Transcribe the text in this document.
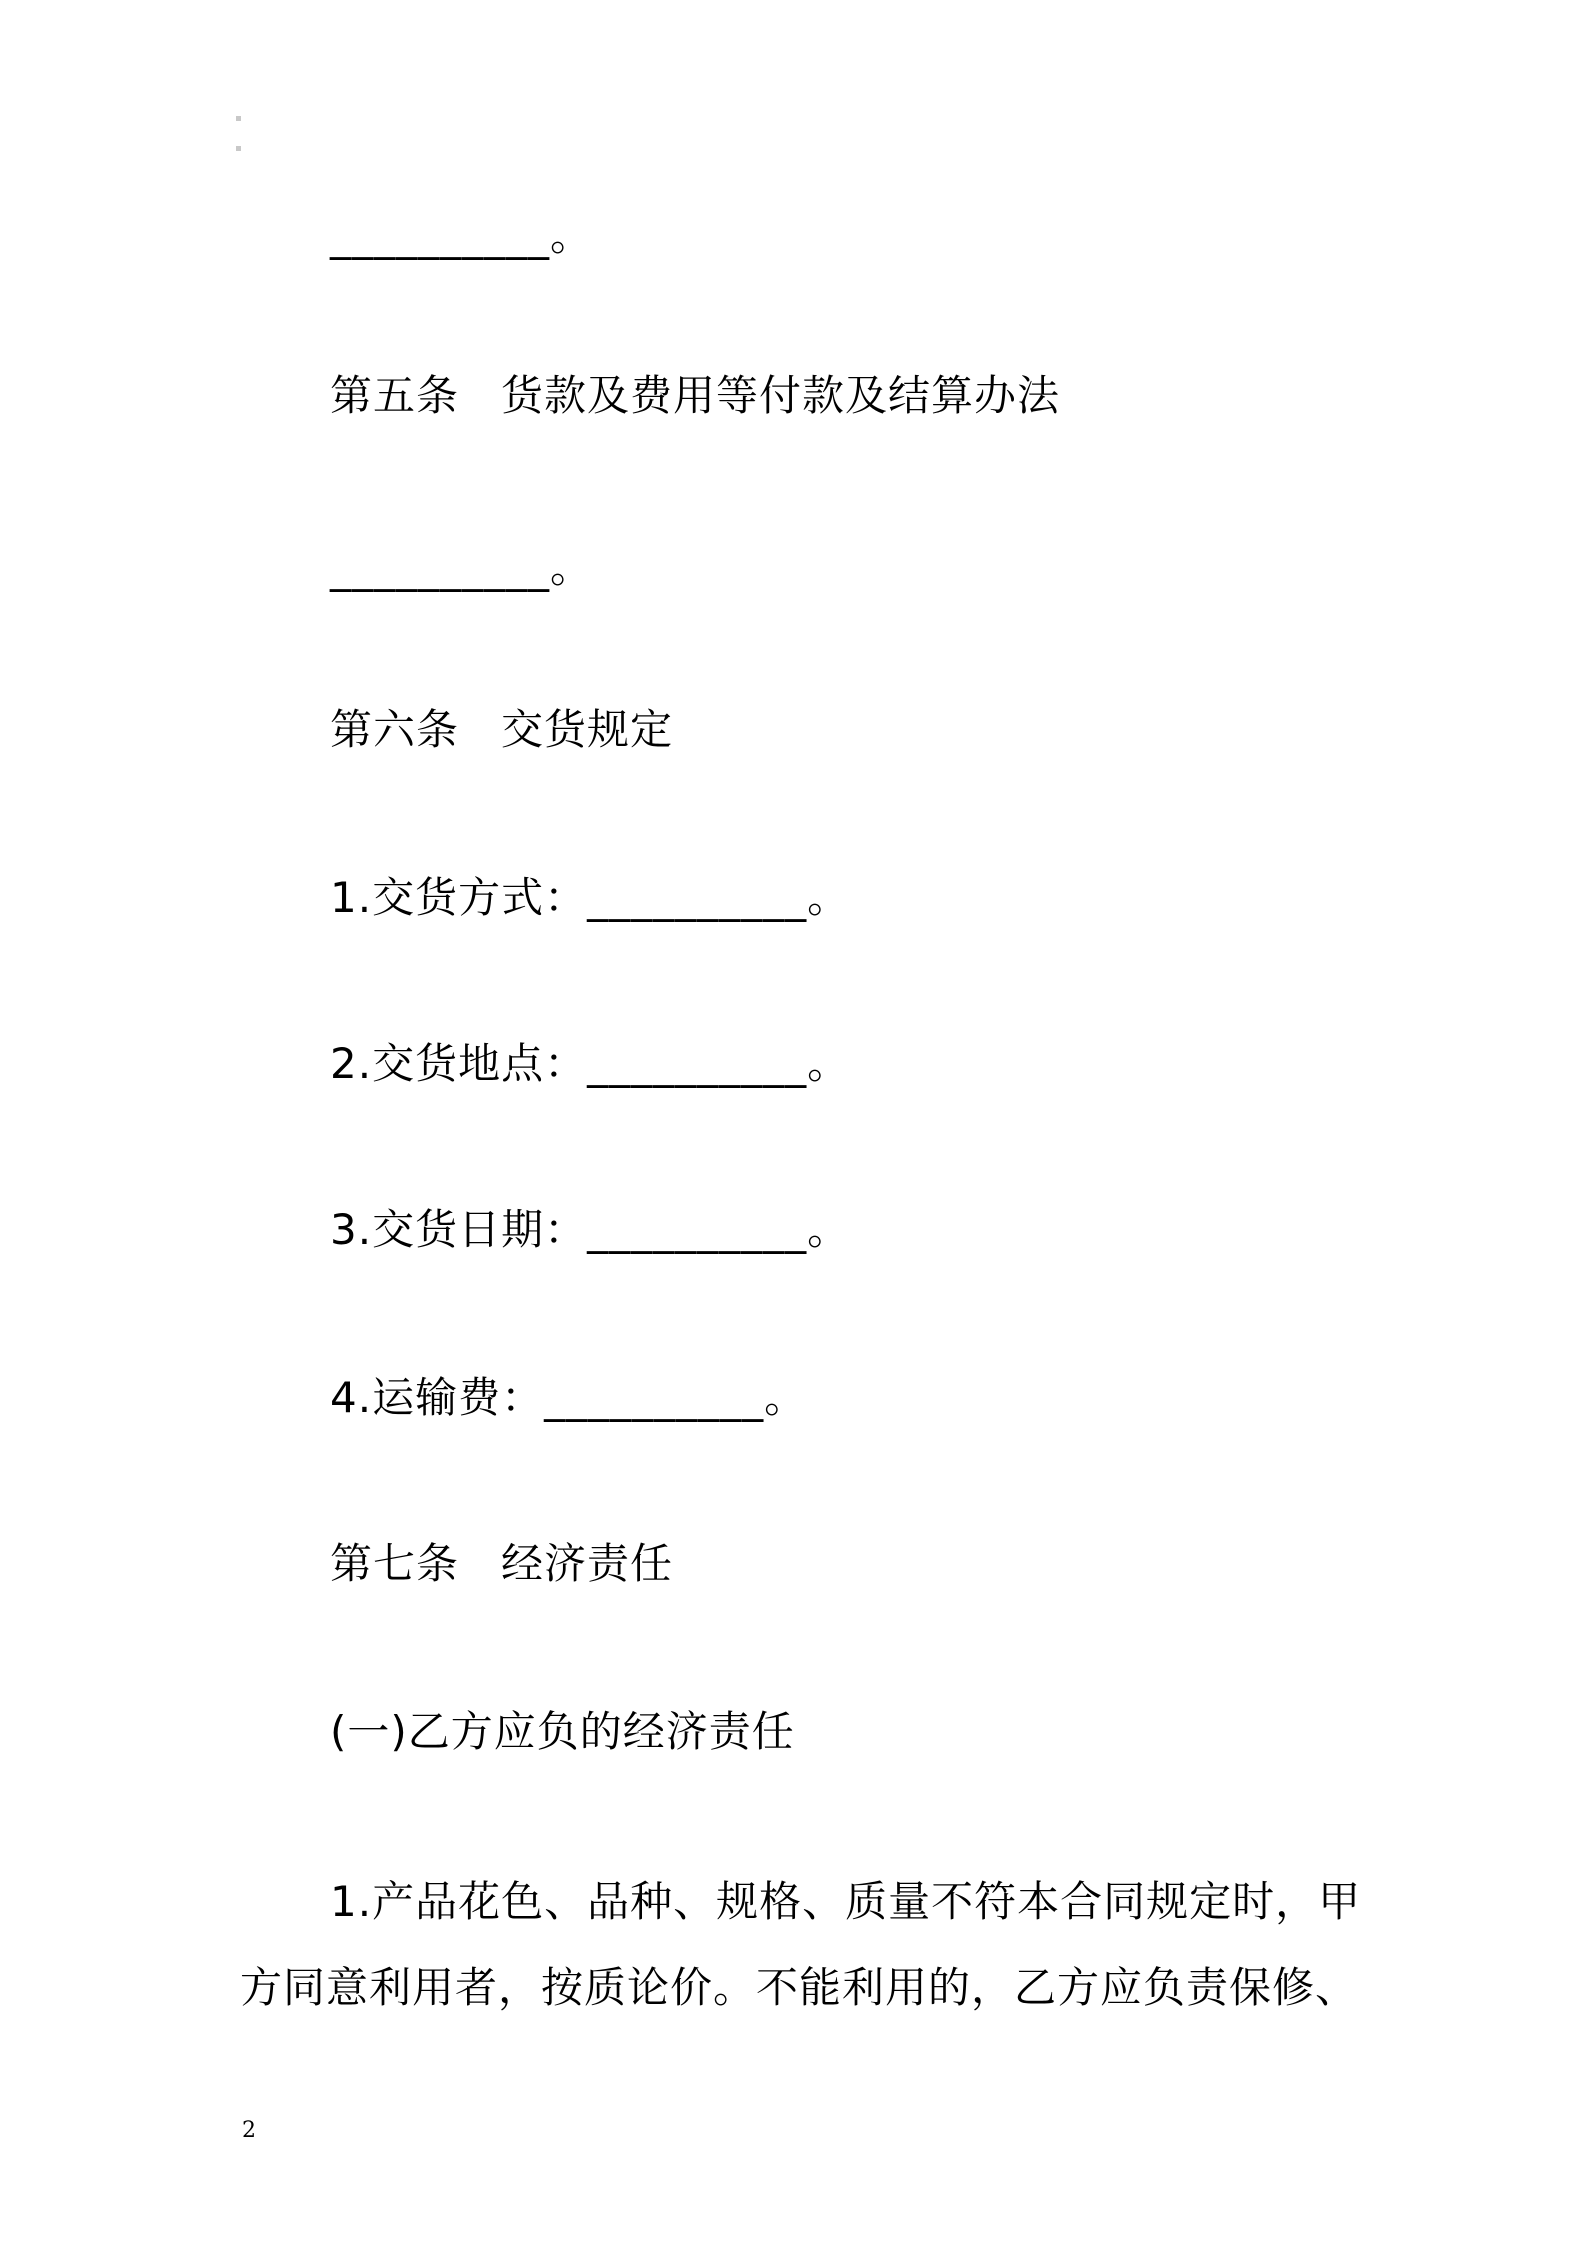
__________。
第五条 货款及费用等付款及结算办法
__________。
第六条 交货规定
1.交货方式：__________。
2.交货地点：__________。
3.交货日期：__________。
4.运输费：__________。
第七条 经济责任
(一)乙方应负的经济责任
1.产品花色、品种、规格、质量不符本合同规定时，甲
方同意利用者，按质论价。不能利用的，乙方应负责保修、
2
